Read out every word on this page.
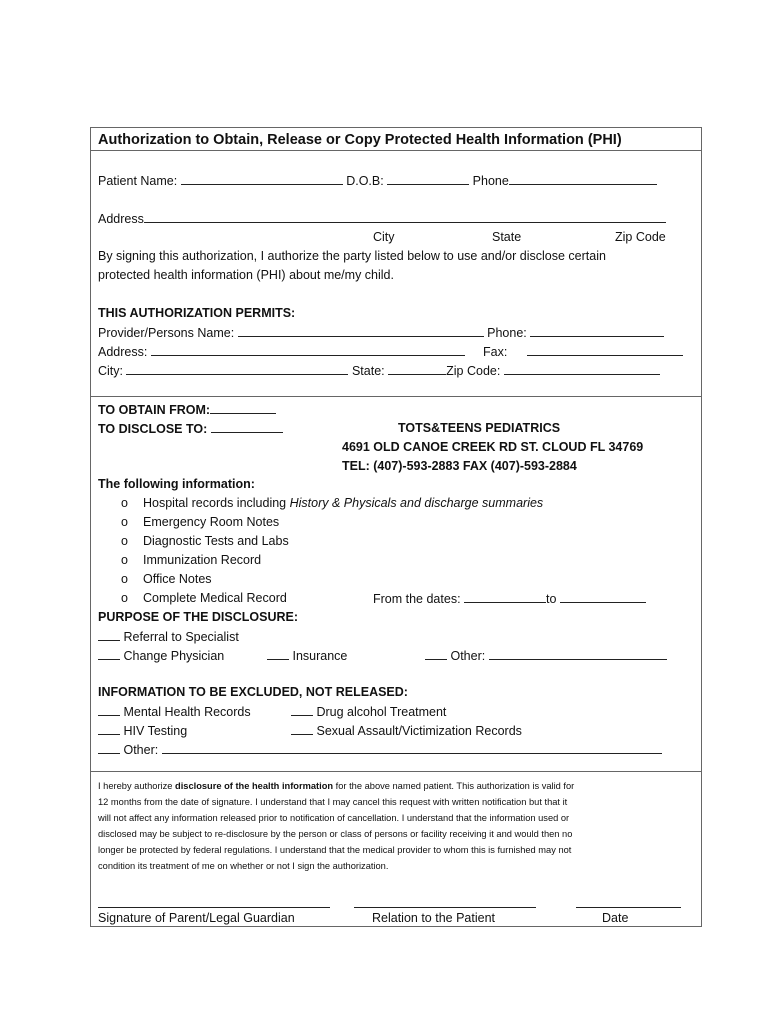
Authorization to Obtain, Release or Copy Protected Health Information (PHI)
Patient Name:	D.O.B:	Phone
Address
City	State	Zip Code
By signing this authorization, I authorize the party listed below to use and/or disclose certain
protected health information (PHI) about me/my child.
THIS AUTHORIZATION PERMITS:
Provider/Persons Name:	Phone:
Address:	Fax:
City:	State:	Zip Code:
TO OBTAIN FROM:
TO DISCLOSE TO:	TOTS&TEENS PEDIATRICS
4691 OLD CANOE CREEK RD ST. CLOUD FL 34769
TEL: (407)-593-2883 FAX (407)-593-2884
The following information:
o Hospital records including History & Physicals and discharge summaries
o Emergency Room Notes
o Diagnostic Tests and Labs
o Immunization Record
o Office Notes
o Complete Medical Record	From the dates:	to
PURPOSE OF THE DISCLOSURE:
Referral to Specialist
Change Physician	Insurance	Other:
INFORMATION TO BE EXCLUDED, NOT RELEASED:
Mental Health Records	Drug alcohol Treatment
HIV Testing	Sexual Assault/Victimization Records
Other:
I hereby authorize disclosure of the health information for the above named patient. This authorization is valid for
12 months from the date of signature. I understand that I may cancel this request with written notification but that it
will not affect any information released prior to notification of cancellation. I understand that the information used or
disclosed may be subject to re-disclosure by the person or class of persons or facility receiving it and would then no
longer be protected by federal regulations. I understand that the medical provider to whom this is furnished may not
condition its treatment of me on whether or not I sign the authorization.
Signature of Parent/Legal Guardian	Relation to the Patient	Date
